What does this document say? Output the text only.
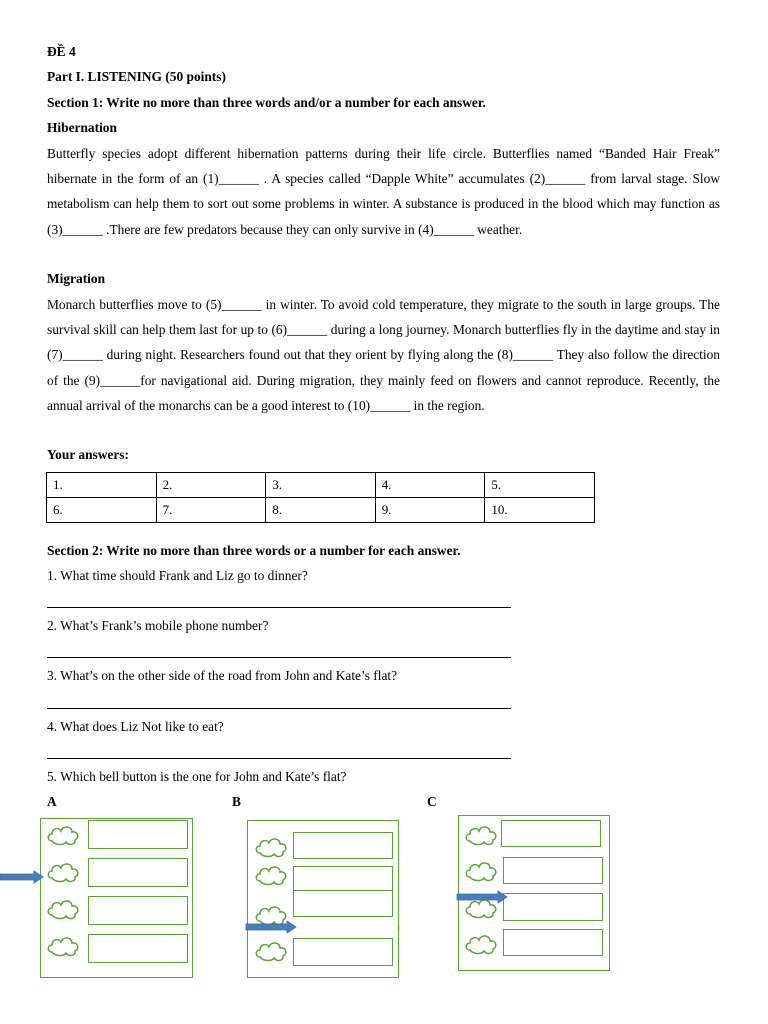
ĐỀ 4
Part I. LISTENING (50 points)
Section 1: Write no more than three words and/or a number for each answer.
Hibernation

Butterfly species adopt different hibernation patterns during their life circle. Butterflies named “Banded Hair Freak” hibernate in the form of an (1)______ . A species called “Dapple White” accumulates (2)______ from larval stage. Slow metabolism can help them to sort out some problems in winter. A substance is produced in the blood which may function as (3)______ .There are few predators because they can only survive in (4)______ weather.

Migration

Monarch butterflies move to (5)______ in winter. To avoid cold temperature, they migrate to the south in large groups. The survival skill can help them last for up to (6)______ during a long journey. Monarch butterflies fly in the daytime and stay in (7)______ during night. Researchers found out that they orient by flying along the (8)______ They also follow the direction of the (9)______for navigational aid. During migration, they mainly feed on flowers and cannot reproduce. Recently, the annual arrival of the monarchs can be a good interest to (10)______ in the region.

Your answers:
1.	2.	3.	4.	5.
6.	7.	8.	9.	10.
Section 2: Write no more than three words or a number for each answer.
1. What time should Frank and Liz go to dinner?
2. What’s Frank’s mobile phone number?
3. What’s on the other side of the road from John and Kate’s flat?
4. What does Liz Not like to eat?
5. Which bell button is the one for John and Kate’s flat?
A	B	C
